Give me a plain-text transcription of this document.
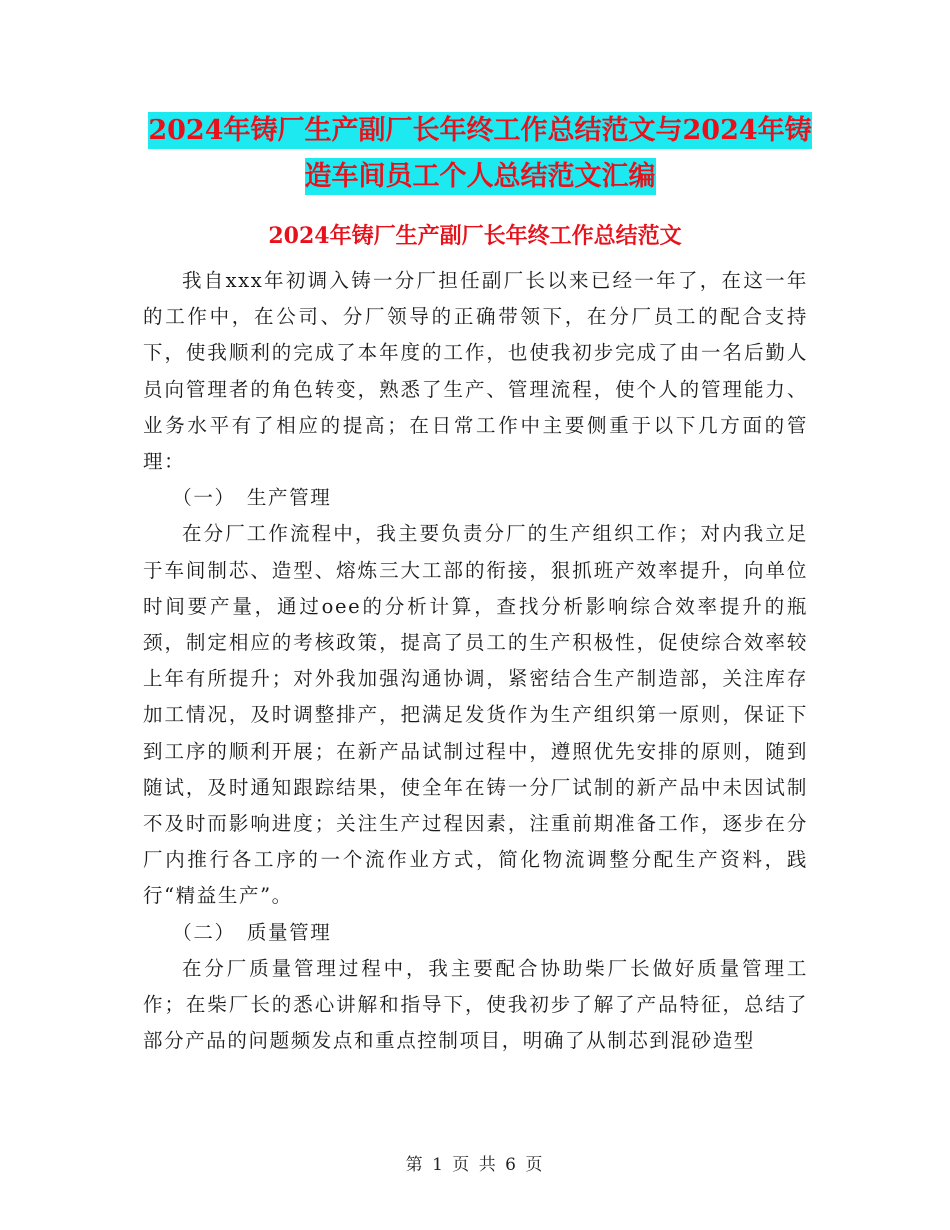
2024年铸厂生产副厂长年终工作总结范文与2024年铸造车间员工个人总结范文汇编
2024年铸厂生产副厂长年终工作总结范文

我自xxx年初调入铸一分厂担任副厂长以来已经一年了，在这一年的工作中，在公司、分厂领导的正确带领下，在分厂员工的配合支持下，使我顺利的完成了本年度的工作，也使我初步完成了由一名后勤人员向管理者的角色转变，熟悉了生产、管理流程，使个人的管理能力、业务水平有了相应的提高；在日常工作中主要侧重于以下几方面的管理：

（一）　生产管理

在分厂工作流程中，我主要负责分厂的生产组织工作；对内我立足于车间制芯、造型、熔炼三大工部的衔接，狠抓班产效率提升，向单位时间要产量，通过oee的分析计算，查找分析影响综合效率提升的瓶颈，制定相应的考核政策，提高了员工的生产积极性，促使综合效率较上年有所提升；对外我加强沟通协调，紧密结合生产制造部，关注库存加工情况，及时调整排产，把满足发货作为生产组织第一原则，保证下到工序的顺利开展；在新产品试制过程中，遵照优先安排的原则，随到随试，及时通知跟踪结果，使全年在铸一分厂试制的新产品中未因试制不及时而影响进度；关注生产过程因素，注重前期准备工作，逐步在分厂内推行各工序的一个流作业方式，简化物流调整分配生产资料，践行“精益生产”。

（二）　质量管理

在分厂质量管理过程中，我主要配合协助柴厂长做好质量管理工作；在柴厂长的悉心讲解和指导下，使我初步了解了产品特征，总结了部分产品的问题频发点和重点控制项目，明确了从制芯到混砂造型

第 1 页 共 6 页
